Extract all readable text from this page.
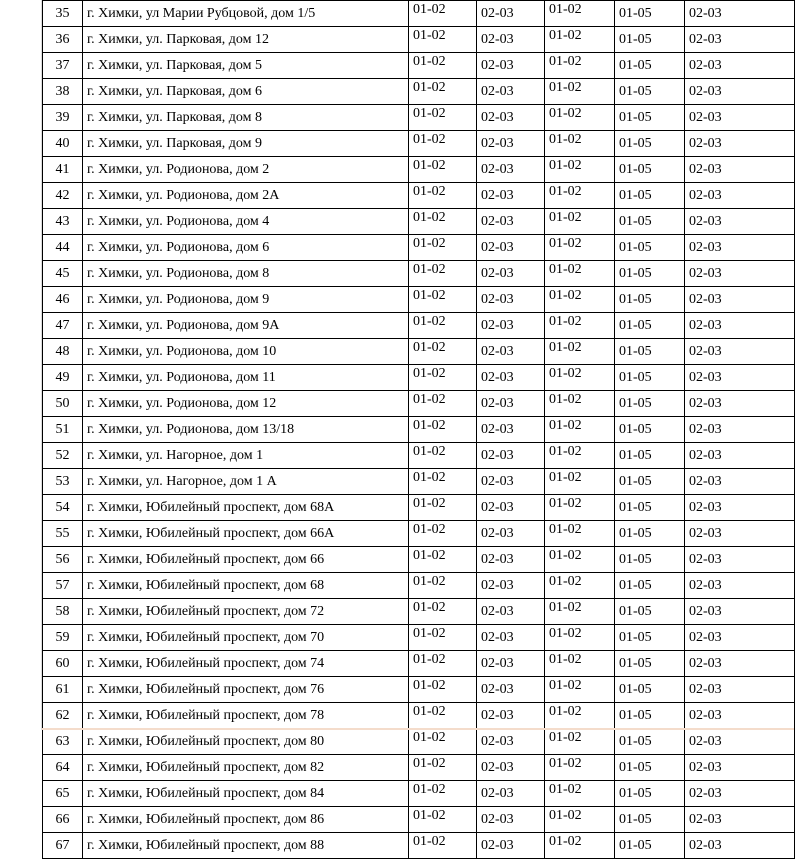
35	г. Химки, ул Марии Рубцовой, дом 1/5	01-02	02-03	01-02	01-05	02-03
36	г. Химки, ул. Парковая, дом 12	01-02	02-03	01-02	01-05	02-03
37	г. Химки, ул. Парковая, дом 5	01-02	02-03	01-02	01-05	02-03
38	г. Химки, ул. Парковая, дом 6	01-02	02-03	01-02	01-05	02-03
39	г. Химки, ул. Парковая, дом 8	01-02	02-03	01-02	01-05	02-03
40	г. Химки, ул. Парковая, дом 9	01-02	02-03	01-02	01-05	02-03
41	г. Химки, ул. Родионова, дом 2	01-02	02-03	01-02	01-05	02-03
42	г. Химки, ул. Родионова, дом 2А	01-02	02-03	01-02	01-05	02-03
43	г. Химки, ул. Родионова, дом 4	01-02	02-03	01-02	01-05	02-03
44	г. Химки, ул. Родионова, дом 6	01-02	02-03	01-02	01-05	02-03
45	г. Химки, ул. Родионова, дом 8	01-02	02-03	01-02	01-05	02-03
46	г. Химки, ул. Родионова, дом 9	01-02	02-03	01-02	01-05	02-03
47	г. Химки, ул. Родионова, дом 9А	01-02	02-03	01-02	01-05	02-03
48	г. Химки, ул. Родионова, дом 10	01-02	02-03	01-02	01-05	02-03
49	г. Химки, ул. Родионова, дом 11	01-02	02-03	01-02	01-05	02-03
50	г. Химки, ул. Родионова, дом 12	01-02	02-03	01-02	01-05	02-03
51	г. Химки, ул. Родионова, дом 13/18	01-02	02-03	01-02	01-05	02-03
52	г. Химки, ул. Нагорное, дом 1	01-02	02-03	01-02	01-05	02-03
53	г. Химки, ул. Нагорное, дом 1 А	01-02	02-03	01-02	01-05	02-03
54	г. Химки, Юбилейный проспект, дом 68А	01-02	02-03	01-02	01-05	02-03
55	г. Химки, Юбилейный проспект, дом 66А	01-02	02-03	01-02	01-05	02-03
56	г. Химки, Юбилейный проспект, дом 66	01-02	02-03	01-02	01-05	02-03
57	г. Химки, Юбилейный проспект, дом 68	01-02	02-03	01-02	01-05	02-03
58	г. Химки, Юбилейный проспект, дом 72	01-02	02-03	01-02	01-05	02-03
59	г. Химки, Юбилейный проспект, дом 70	01-02	02-03	01-02	01-05	02-03
60	г. Химки, Юбилейный проспект, дом 74	01-02	02-03	01-02	01-05	02-03
61	г. Химки, Юбилейный проспект, дом 76	01-02	02-03	01-02	01-05	02-03
62	г. Химки, Юбилейный проспект, дом 78	01-02	02-03	01-02	01-05	02-03
63	г. Химки, Юбилейный проспект, дом 80	01-02	02-03	01-02	01-05	02-03
64	г. Химки, Юбилейный проспект, дом 82	01-02	02-03	01-02	01-05	02-03
65	г. Химки, Юбилейный проспект, дом 84	01-02	02-03	01-02	01-05	02-03
66	г. Химки, Юбилейный проспект, дом 86	01-02	02-03	01-02	01-05	02-03
67	г. Химки, Юбилейный проспект, дом 88	01-02	02-03	01-02	01-05	02-03
